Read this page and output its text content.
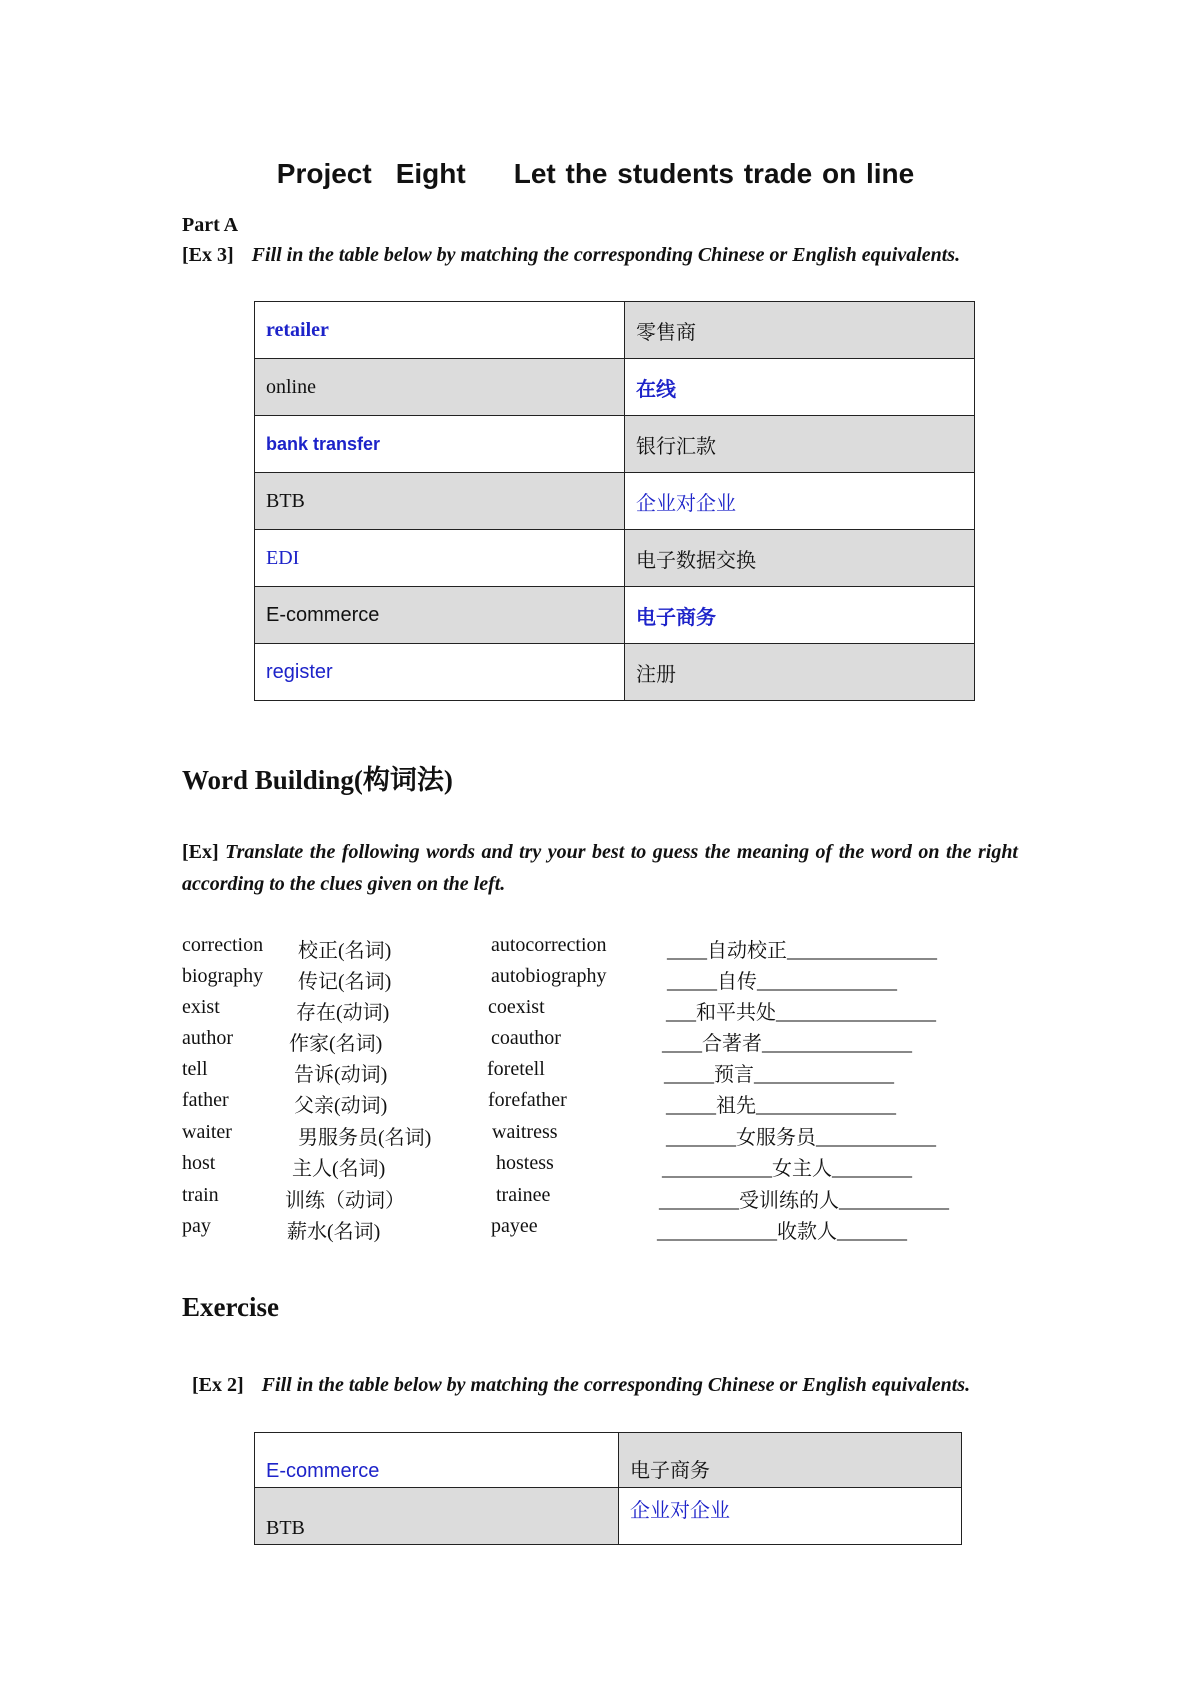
Project Eight Let the students trade on line
Part A
[Ex 3] Fill in the table below by matching the corresponding Chinese or English equivalents.
retailer	零售商
online	在线
bank transfer	银行汇款
BTB	企业对企业
EDI	电子数据交换
E-commerce	电子商务
register	注册
Word Building(构词法)
[Ex] Translate the following words and try your best to guess the meaning of the word on the right according to the clues given on the left.
correction 校正(名词)	autocorrection	____自动校正_______________
biography 传记(名词)	autobiography	_____自传______________
exist	存在(动词)	coexist	___和平共处________________
author	作家(名词)	coauthor	____合著者_______________
tell	告诉(动词)	foretell	_____预言______________
father	父亲(动词)	forefather	_____祖先______________
waiter	男服务员(名词)	waitress	_______女服务员____________
host	主人(名词)	hostess	___________女主人________
train	训练（动词）	trainee	________受训练的人___________
pay	薪水(名词)	payee	____________收款人_______
Exercise
[Ex 2] Fill in the table below by matching the corresponding Chinese or English equivalents.
E-commerce	电子商务
BTB	企业对企业
